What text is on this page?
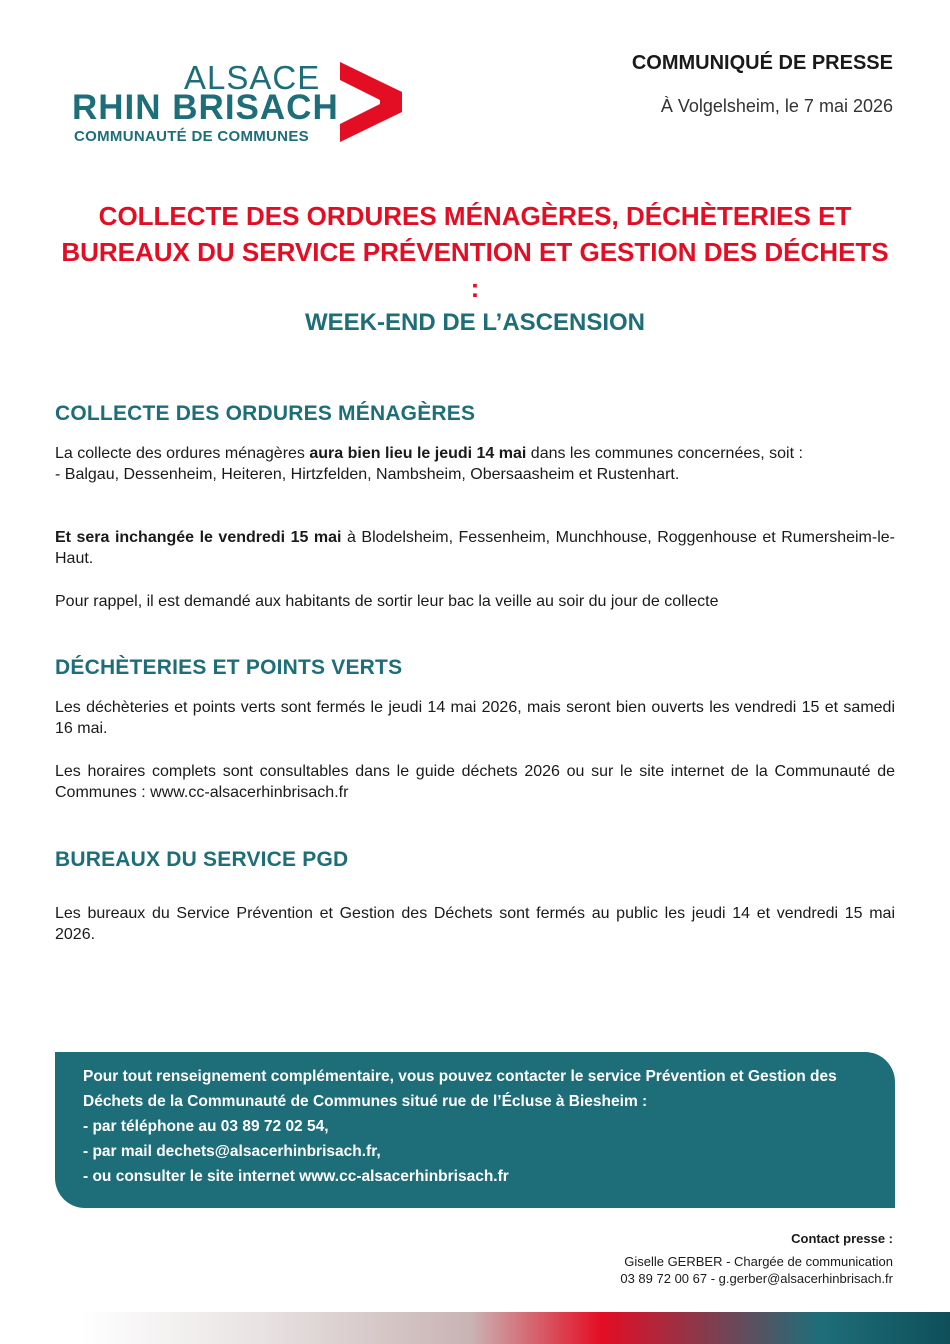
ALSACE
RHIN BRISACH
COMMUNAUTÉ DE COMMUNES
COMMUNIQUÉ DE PRESSE
À Volgelsheim, le 7 mai 2026
COLLECTE DES ORDURES MÉNAGÈRES, DÉCHÈTERIES ET BUREAUX DU SERVICE PRÉVENTION ET GESTION DES DÉCHETS :
WEEK-END DE L’ASCENSION
COLLECTE DES ORDURES MÉNAGÈRES

La collecte des ordures ménagères aura bien lieu le jeudi 14 mai dans les communes concernées, soit :
- Balgau, Dessenheim, Heiteren, Hirtzfelden, Nambsheim, Obersaasheim et Rustenhart.

Et sera inchangée le vendredi 15 mai à Blodelsheim, Fessenheim, Munchhouse, Roggenhouse et Rumersheim-le-Haut.

Pour rappel, il est demandé aux habitants de sortir leur bac la veille au soir du jour de collecte

DÉCHÈTERIES ET POINTS VERTS

Les déchèteries et points verts sont fermés le jeudi 14 mai 2026, mais seront bien ouverts les vendredi 15 et samedi 16 mai.

Les horaires complets sont consultables dans le guide déchets 2026 ou sur le site internet de la Communauté de Communes : www.cc-alsacerhinbrisach.fr

BUREAUX DU SERVICE PGD

Les bureaux du Service Prévention et Gestion des Déchets sont fermés au public les jeudi 14 et vendredi 15 mai 2026.

Pour tout renseignement complémentaire, vous pouvez contacter le service Prévention et Gestion des Déchets de la Communauté de Communes situé rue de l’Écluse à Biesheim :

- par téléphone au 03 89 72 02 54,

- par mail dechets@alsacerhinbrisach.fr,

- ou consulter le site internet www.cc-alsacerhinbrisach.fr

Contact presse :
Giselle GERBER - Chargée de communication
03 89 72 00 67 - g.gerber@alsacerhinbrisach.fr
